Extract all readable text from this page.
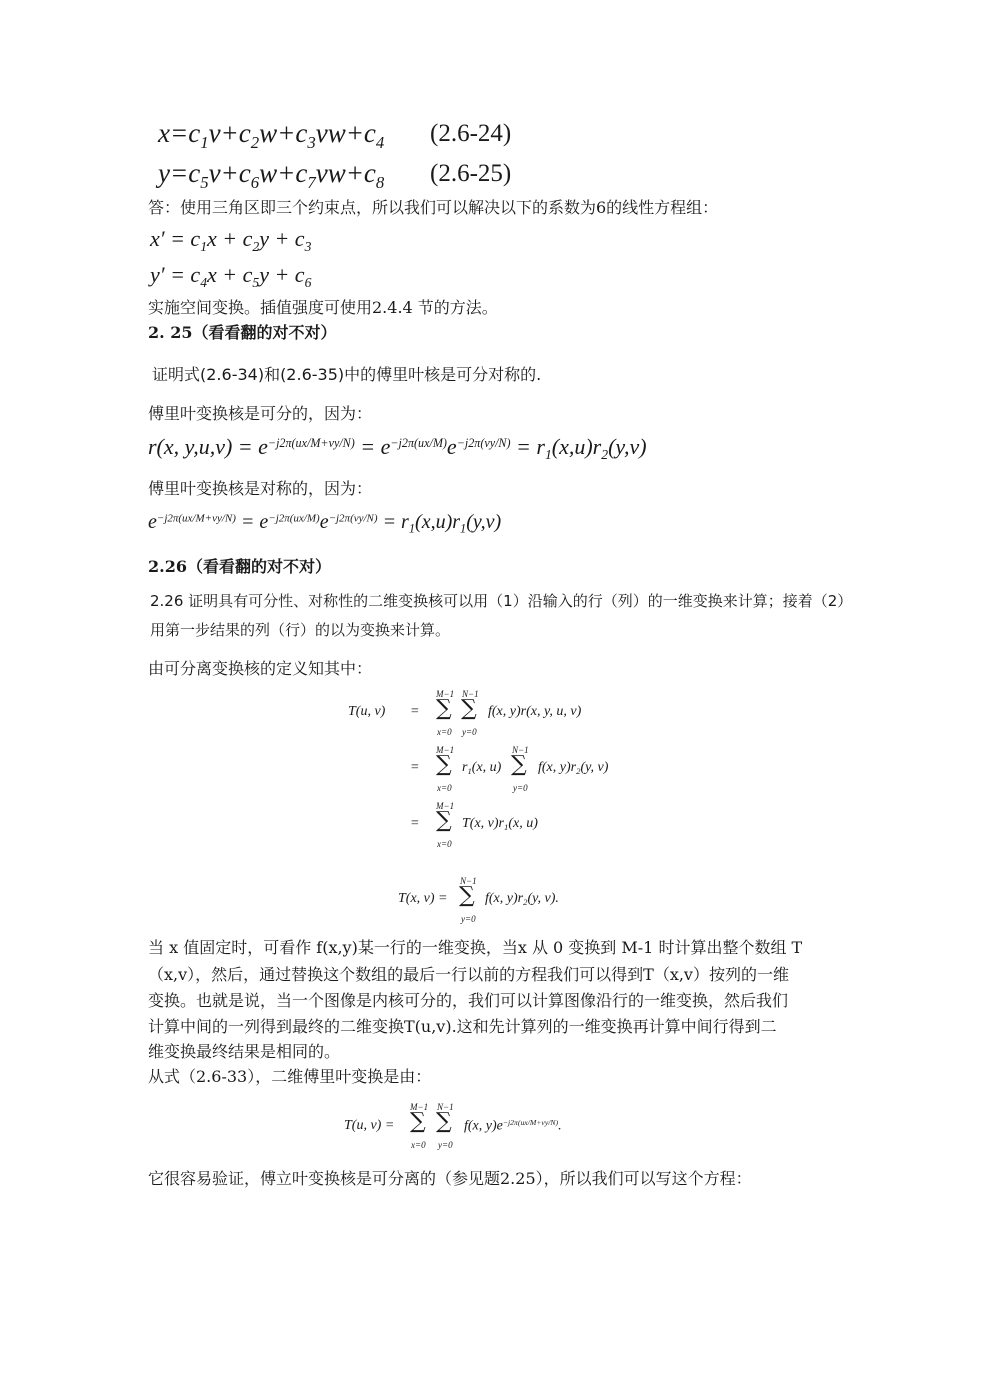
$x=c_1v+c_2w+c_3vw+c_4$ (2.6-24)
$y=c_5v+c_6w+c_7vw+c_8$ (2.6-25)
答：使用三角区即三个约束点，所以我们可以解决以下的系数为6的线性方程组：
$x' = c_1x + c_2y + c_3$
$y' = c_4x + c_5y + c_6$
实施空间变换。插值强度可使用2.4.4 节的方法。
2. 25（看看翻的对不对）
证明式(2.6-34)和(2.6-35)中的傅里叶核是可分对称的.
傅里叶变换核是可分的，因为：
r(x, $y,u,v) = e^{-j2\pi(ux/M+vy/N)} = e^{-j2\pi(ux/M)}e^{-j2\pi(vy/N)} = r_1(x,u)r_2(y,v)$
傅里叶变换核是对称的，因为：
$e^{-j2\pi(ux/M+vy/N)} = e^{-j2\pi(ux/M)}e^{-j2\pi(vy/N)} = r_1(x,u)r_1(y,v)$
2.26（看看翻的对不对）
2.26 证明具有可分性、对称性的二维变换核可以用（1）沿输入的行（列）的一维变换来计算；接着（2）
用第一步结果的列（行）的以为变换来计算。
由可分离变换核的定义知其中：
T(u, v) =
=
=
M−1
∑
x=0
N−1
∑
y=0
f(x, y)r(x, y, u, v)
M−1
∑
x=0
$r_1(x$, u)
N−1
∑
y=0
f(x, $y)r_2(y$, v)
M−1
∑
x=0
T(x, $v)r_1(x$, u)
T(x, v) =
N−1
∑
y=0
f(x, $y)r_2(y$, v).
当 x 值固定时，可看作 f(x,y)某一行的一维变换，当x 从 0 变换到 M-1 时计算出整个数组 T
（x,v），然后，通过替换这个数组的最后一行以前的方程我们可以得到T（x,v）按列的一维
变换。也就是说，当一个图像是内核可分的，我们可以计算图像沿行的一维变换，然后我们
计算中间的一列得到最终的二维变换T(u,v).这和先计算列的一维变换再计算中间行得到二
维变换最终结果是相同的。
从式（2.6-33），二维傅里叶变换是由：
T(u, v) =
M−1
∑
x=0
N−1
∑
y=0
f(x, $y)e^{-j2\pi(ux/M+vy/N)}$.
它很容易验证，傅立叶变换核是可分离的（参见题2.25），所以我们可以写这个方程：
